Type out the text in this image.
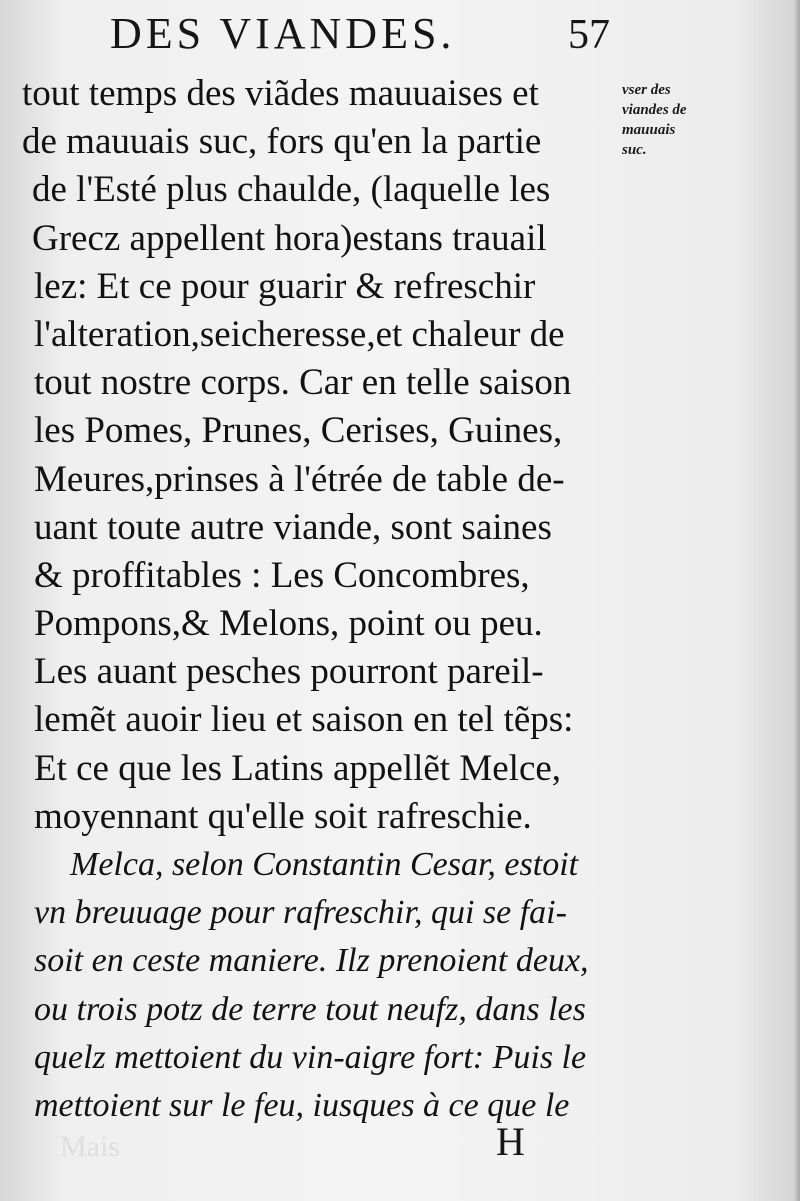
DES VIANDES.	57
tout temps des viãdes mauuaises et
de mauuais suc, fors qu'en la partie
de l'Esté plus chaulde, (laquelle les
Grecz appellent hora)estans trauail
lez: Et ce pour guarir & refreschir
l'alteration,seicheresse,et chaleur de
tout nostre corps. Car en telle saison
les Pomes, Prunes, Cerises, Guines,
Meures,prinses à l'étrée de table de-
uant toute autre viande, sont saines
& proffitables : Les Concombres,
Pompons,& Melons, point ou peu.
Les auant pesches pourront pareil-
lemẽt auoir lieu et saison en tel tẽps:
Et ce que les Latins appellẽt Melce,
moyennant qu'elle soit rafreschie.
Melca, selon Constantin Cesar, estoit
vn breuuage pour rafreschir, qui se fai-
soit en ceste maniere. Ilz prenoient deux,
ou trois potz de terre tout neufz, dans les
quelz mettoient du vin-aigre fort: Puis le
mettoient sur le feu, iusques à ce que le
vser des
viandes de
mauuais
suc.
Mais	H
